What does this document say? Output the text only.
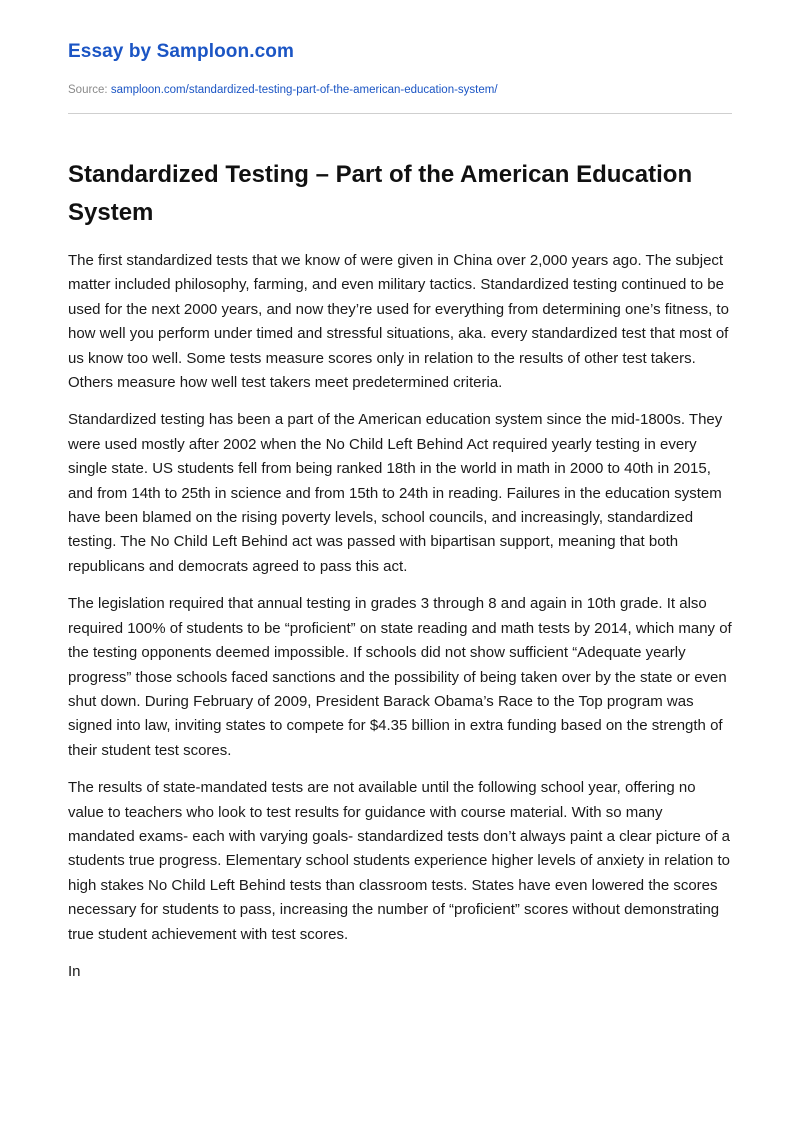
Essay by Samploon.com
Source: samploon.com/standardized-testing-part-of-the-american-education-system/
Standardized Testing – Part of the American Education System

The first standardized tests that we know of were given in China over 2,000 years ago. The subject matter included philosophy, farming, and even military tactics. Standardized testing continued to be used for the next 2000 years, and now they’re used for everything from determining one’s fitness, to how well you perform under timed and stressful situations, aka. every standardized test that most of us know too well. Some tests measure scores only in relation to the results of other test takers. Others measure how well test takers meet predetermined criteria.

Standardized testing has been a part of the American education system since the mid-1800s. They were used mostly after 2002 when the No Child Left Behind Act required yearly testing in every single state. US students fell from being ranked 18th in the world in math in 2000 to 40th in 2015, and from 14th to 25th in science and from 15th to 24th in reading. Failures in the education system have been blamed on the rising poverty levels, school councils, and increasingly, standardized testing. The No Child Left Behind act was passed with bipartisan support, meaning that both republicans and democrats agreed to pass this act.

The legislation required that annual testing in grades 3 through 8 and again in 10th grade. It also required 100% of students to be “proficient” on state reading and math tests by 2014, which many of the testing opponents deemed impossible. If schools did not show sufficient “Adequate yearly progress” those schools faced sanctions and the possibility of being taken over by the state or even shut down. During February of 2009, President Barack Obama’s Race to the Top program was signed into law, inviting states to compete for $4.35 billion in extra funding based on the strength of their student test scores.

The results of state-mandated tests are not available until the following school year, offering no value to teachers who look to test results for guidance with course material. With so many mandated exams- each with varying goals- standardized tests don’t always paint a clear picture of a students true progress. Elementary school students experience higher levels of anxiety in relation to high stakes No Child Left Behind tests than classroom tests. States have even lowered the scores necessary for students to pass, increasing the number of “proficient” scores without demonstrating true student achievement with test scores.

In
